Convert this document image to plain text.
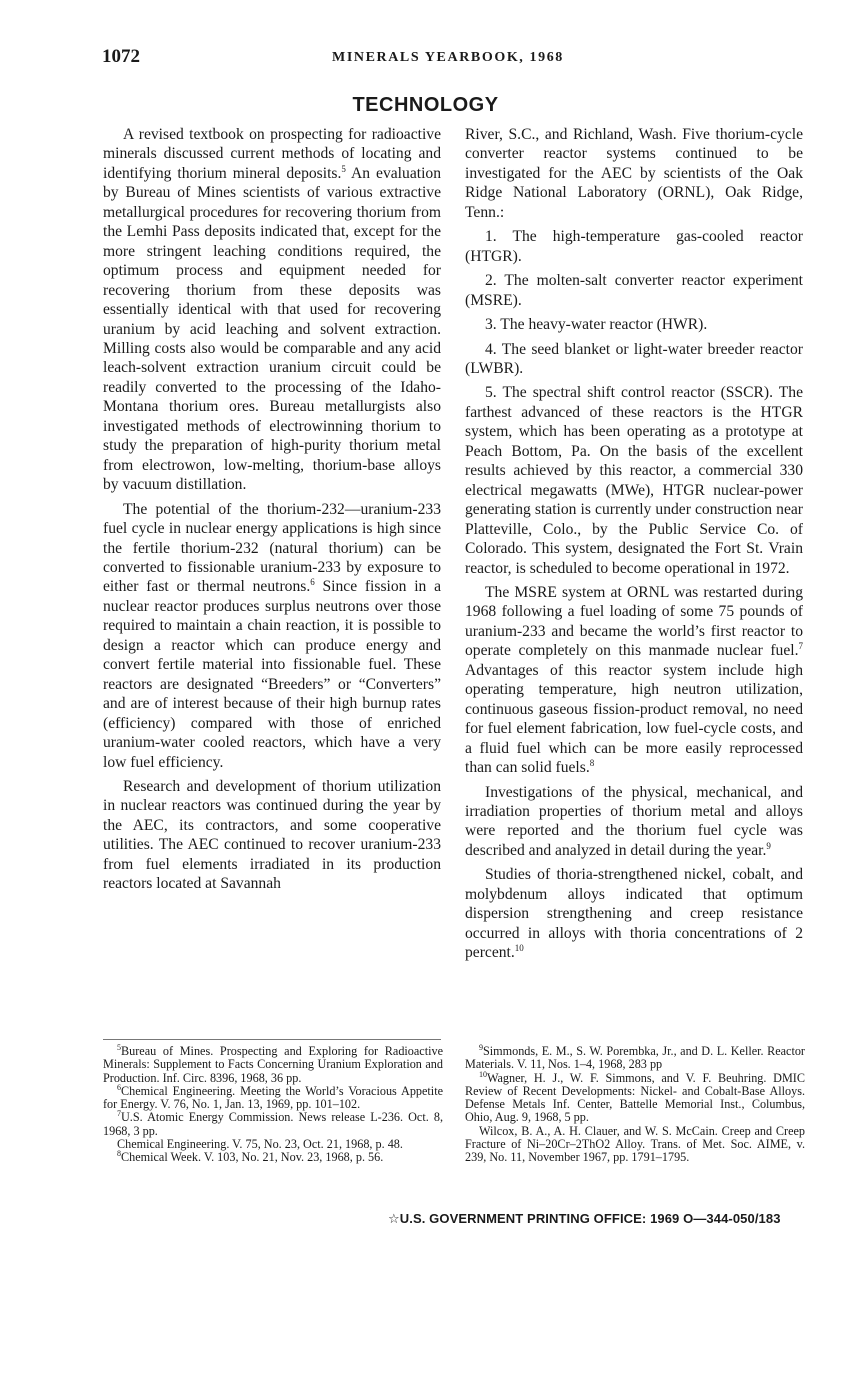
1072	MINERALS YEARBOOK, 1968
TECHNOLOGY

A revised textbook on prospecting for radioactive minerals discussed current methods of locating and identifying thorium mineral deposits.$^5$ An evaluation by Bureau of Mines scientists of various extractive metallurgical procedures for recovering thorium from the Lemhi Pass deposits indicated that, except for the more stringent leaching conditions required, the optimum process and equipment needed for recovering thorium from these deposits was essentially identical with that used for recovering uranium by acid leaching and solvent extraction. Milling costs also would be comparable and any acid leach-solvent extraction uranium circuit could be readily converted to the processing of the Idaho-Montana thorium ores. Bureau metallurgists also investigated methods of electrowinning thorium to study the preparation of high-purity thorium metal from electrowon, low-melting, thorium-base alloys by vacuum distillation.

The potential of the thorium-232—uranium-233 fuel cycle in nuclear energy applications is high since the fertile thorium-232 (natural thorium) can be converted to fissionable uranium-233 by exposure to either fast or thermal neutrons.$^6$ Since fission in a nuclear reactor produces surplus neutrons over those required to maintain a chain reaction, it is possible to design a reactor which can produce energy and convert fertile material into fissionable fuel. These reactors are designated “Breeders” or “Converters” and are of interest because of their high burnup rates (efficiency) compared with those of enriched uranium-water cooled reactors, which have a very low fuel efficiency.

Research and development of thorium utilization in nuclear reactors was continued during the year by the AEC, its contractors, and some cooperative utilities. The AEC continued to recover uranium-233 from fuel elements irradiated in its production reactors located at Savannah

River, S.C., and Richland, Wash. Five thorium-cycle converter reactor systems continued to be investigated for the AEC by scientists of the Oak Ridge National Laboratory (ORNL), Oak Ridge, Tenn.:

1. The high-temperature gas-cooled reactor (HTGR).

2. The molten-salt converter reactor experiment (MSRE).

3. The heavy-water reactor (HWR).

4. The seed blanket or light-water breeder reactor (LWBR).

5. The spectral shift control reactor (SSCR). The farthest advanced of these reactors is the HTGR system, which has been operating as a prototype at Peach Bottom, Pa. On the basis of the excellent results achieved by this reactor, a commercial 330 electrical megawatts (MWe), HTGR nuclear-power generating station is currently under construction near Platteville, Colo., by the Public Service Co. of Colorado. This system, designated the Fort St. Vrain reactor, is scheduled to become operational in 1972.

The MSRE system at ORNL was restarted during 1968 following a fuel loading of some 75 pounds of uranium-233 and became the world’s first reactor to operate completely on this manmade nuclear fuel.$^7$ Advantages of this reactor system include high operating temperature, high neutron utilization, continuous gaseous fission-product removal, no need for fuel element fabrication, low fuel-cycle costs, and a fluid fuel which can be more easily reprocessed than can solid fuels.$^8$

Investigations of the physical, mechanical, and irradiation properties of thorium metal and alloys were reported and the thorium fuel cycle was described and analyzed in detail during the year.$^9$

Studies of thoria-strengthened nickel, cobalt, and molybdenum alloys indicated that optimum dispersion strengthening and creep resistance occurred in alloys with thoria concentrations of 2 percent.$^{10}$

$^5$Bureau of Mines. Prospecting and Exploring for Radioactive Minerals: Supplement to Facts Concerning Uranium Exploration and Production. Inf. Circ. 8396, 1968, 36 pp.

$^6$Chemical Engineering. Meeting the World’s Voracious Appetite for Energy. V. 76, No. 1, Jan. 13, 1969, pp. 101–102.

$^7$U.S. Atomic Energy Commission. News release L-236. Oct. 8, 1968, 3 pp.

Chemical Engineering. V. 75, No. 23, Oct. 21, 1968, p. 48.

$^8$Chemical Week. V. 103, No. 21, Nov. 23, 1968, p. 56.

$^9$Simmonds, E. M., S. W. Porembka, Jr., and D. L. Keller. Reactor Materials. V. 11, Nos. 1–4, 1968, 283 pp

$^{10}$Wagner, H. J., W. F. Simmons, and V. F. Beuhring. DMIC Review of Recent Developments: Nickel- and Cobalt-Base Alloys. Defense Metals Inf. Center, Battelle Memorial Inst., Columbus, Ohio, Aug. 9, 1968, 5 pp.

Wilcox, B. A., A. H. Clauer, and W. S. McCain. Creep and Creep Fracture of Ni–20Cr–2ThO2 Alloy. Trans. of Met. Soc. AIME, v. 239, No. 11, November 1967, pp. 1791–1795.

☆U.S. GOVERNMENT PRINTING OFFICE: 1969 O—344-050/183
